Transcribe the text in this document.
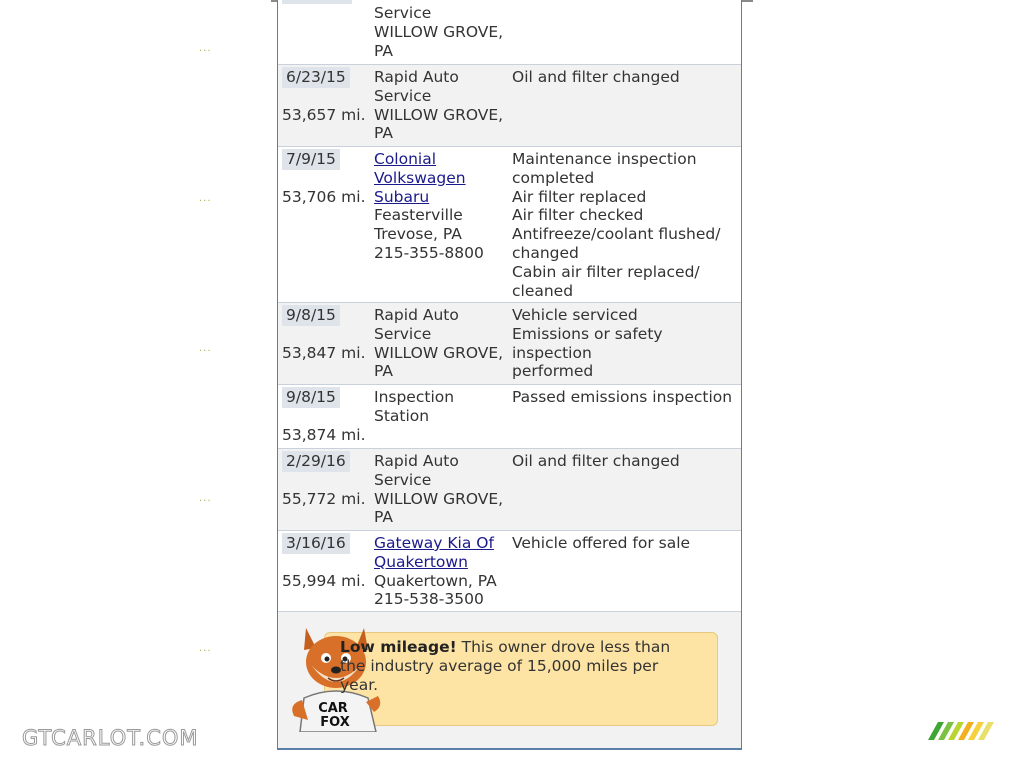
...
...
...
...
...
Service
WILLOW GROVE,
PA
6/23/15
53,657 mi.
Rapid Auto
Service
WILLOW GROVE,
PA
Oil and filter changed
7/9/15
53,706 mi.
Colonial
Volkswagen
Subaru
Feasterville
Trevose, PA
215-355-8800
Maintenance inspection
completed
Air filter replaced
Air filter checked
Antifreeze/coolant flushed/
changed
Cabin air filter replaced/
cleaned
9/8/15
53,847 mi.
Rapid Auto
Service
WILLOW GROVE,
PA
Vehicle serviced
Emissions or safety inspection
performed
9/8/15
53,874 mi.
Inspection Station
Passed emissions inspection
2/29/16
55,772 mi.
Rapid Auto
Service
WILLOW GROVE,
PA
Oil and filter changed
3/16/16
55,994 mi.
Gateway Kia Of
Quakertown
Quakertown, PA
215-538-3500
Vehicle offered for sale
CAR
FOX
Low mileage! This owner drove less than the industry average of 15,000 miles per year.
GTCARLOT.COM
